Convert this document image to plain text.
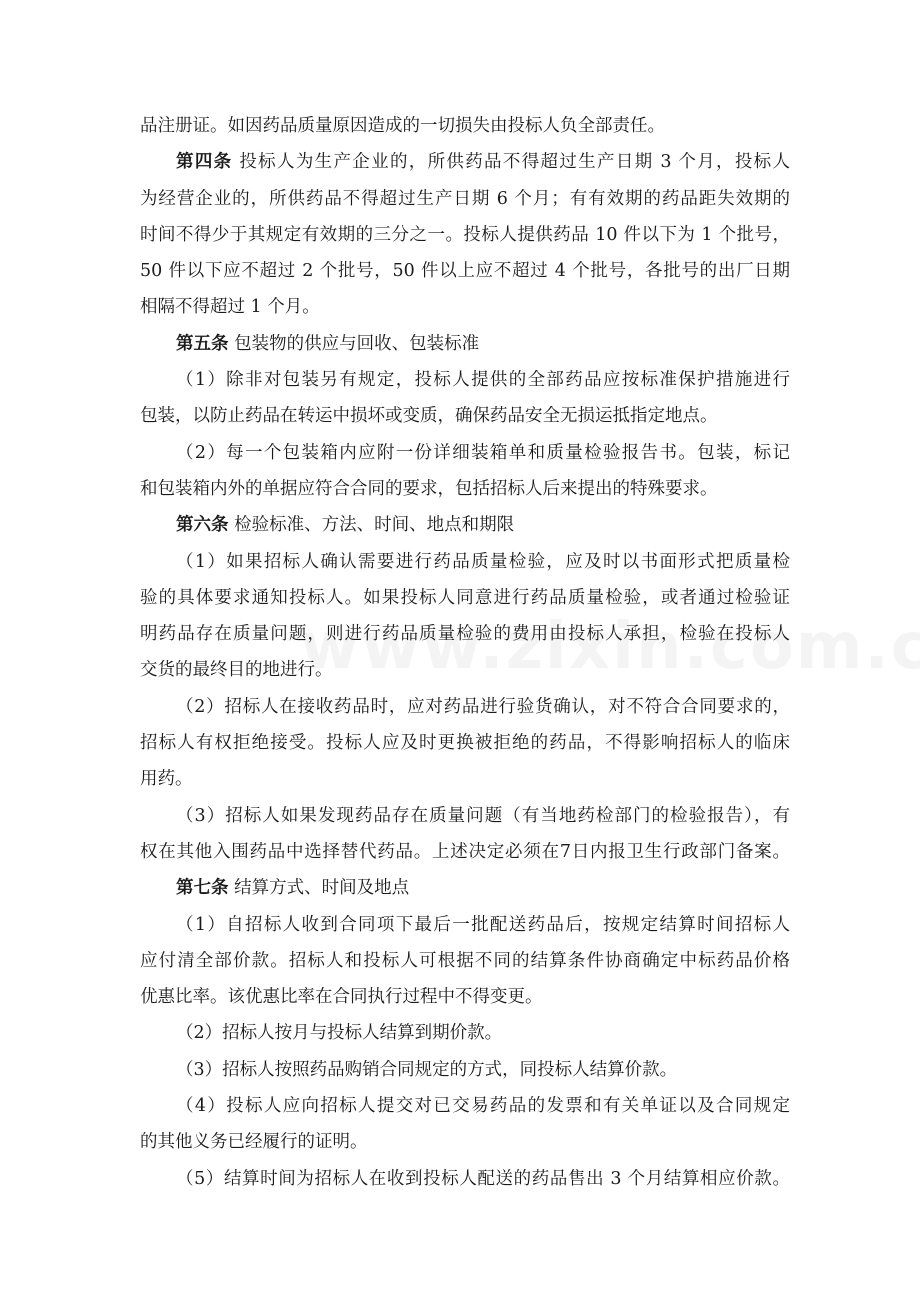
品注册证。如因药品质量原因造成的一切损失由投标人负全部责任。
第四条 投标人为生产企业的，所供药品不得超过生产日期 3 个月，投标人
为经营企业的，所供药品不得超过生产日期 6 个月；有有效期的药品距失效期的
时间不得少于其规定有效期的三分之一。投标人提供药品 10 件以下为 1 个批号，
50 件以下应不超过 2 个批号，50 件以上应不超过 4 个批号，各批号的出厂日期
相隔不得超过 1 个月。
第五条 包装物的供应与回收、包装标准
（1）除非对包装另有规定，投标人提供的全部药品应按标准保护措施进行
包装，以防止药品在转运中损坏或变质，确保药品安全无损运抵指定地点。
（2）每一个包装箱内应附一份详细装箱单和质量检验报告书。包装，标记
和包装箱内外的单据应符合合同的要求，包括招标人后来提出的特殊要求。
第六条 检验标准、方法、时间、地点和期限
（1）如果招标人确认需要进行药品质量检验，应及时以书面形式把质量检
验的具体要求通知投标人。如果投标人同意进行药品质量检验，或者通过检验证
明药品存在质量问题，则进行药品质量检验的费用由投标人承担，检验在投标人
交货的最终目的地进行。
（2）招标人在接收药品时，应对药品进行验货确认，对不符合合同要求的，
招标人有权拒绝接受。投标人应及时更换被拒绝的药品，不得影响招标人的临床
用药。
（3）招标人如果发现药品存在质量问题（有当地药检部门的检验报告），有
权在其他入围药品中选择替代药品。上述决定必须在7日内报卫生行政部门备案。
第七条 结算方式、时间及地点
（1）自招标人收到合同项下最后一批配送药品后，按规定结算时间招标人
应付清全部价款。招标人和投标人可根据不同的结算条件协商确定中标药品价格
优惠比率。该优惠比率在合同执行过程中不得变更。
（2）招标人按月与投标人结算到期价款。
（3）招标人按照药品购销合同规定的方式，同投标人结算价款。
（4）投标人应向招标人提交对已交易药品的发票和有关单证以及合同规定
的其他义务已经履行的证明。
（5）结算时间为招标人在收到投标人配送的药品售出 3 个月结算相应价款。
